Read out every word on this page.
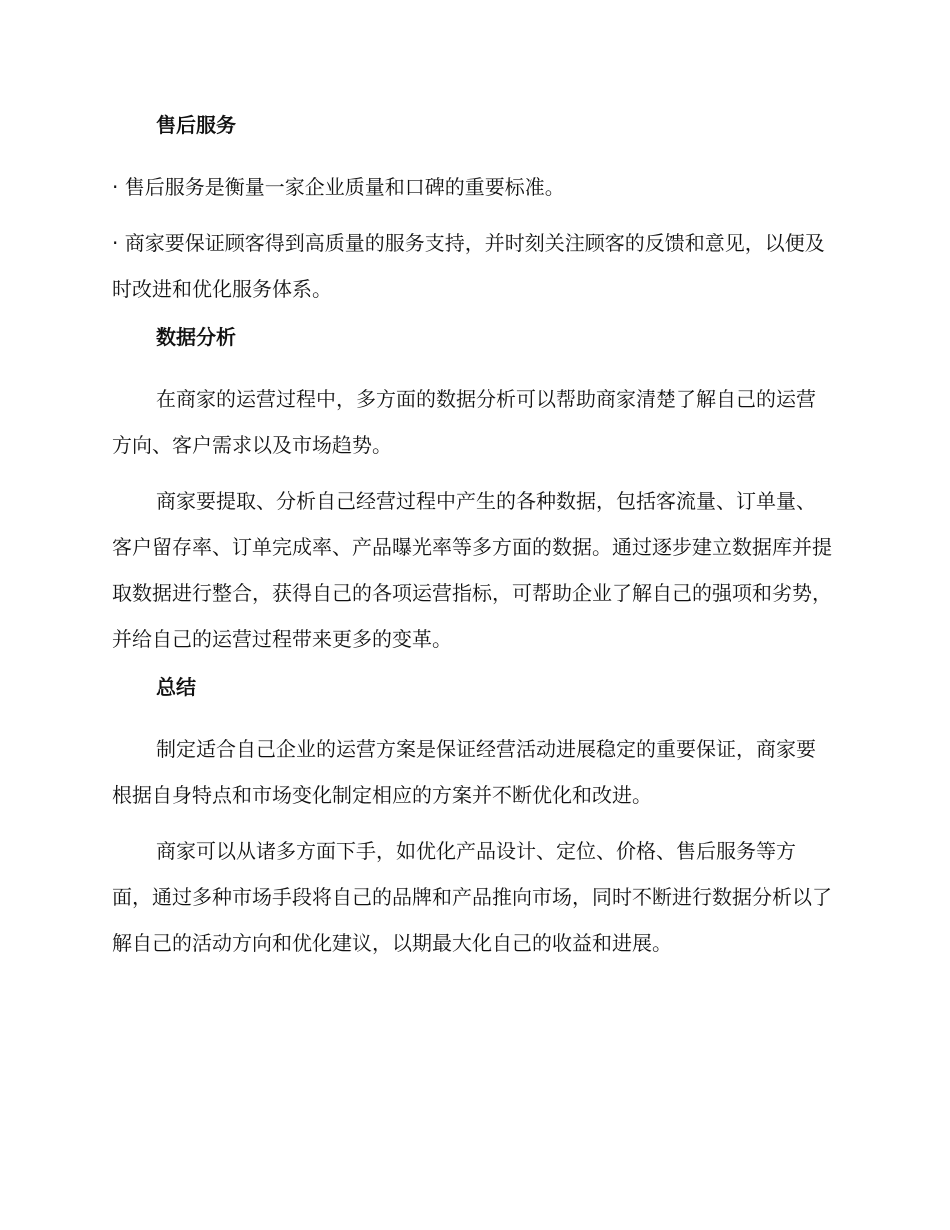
售后服务

· 售后服务是衡量一家企业质量和口碑的重要标准。

· 商家要保证顾客得到高质量的服务支持，并时刻关注顾客的反馈和意见，以便及时改进和优化服务体系。

数据分析

在商家的运营过程中，多方面的数据分析可以帮助商家清楚了解自己的运营方向、客户需求以及市场趋势。

商家要提取、分析自己经营过程中产生的各种数据，包括客流量、订单量、客户留存率、订单完成率、产品曝光率等多方面的数据。通过逐步建立数据库并提取数据进行整合，获得自己的各项运营指标，可帮助企业了解自己的强项和劣势，并给自己的运营过程带来更多的变革。

总结

制定适合自己企业的运营方案是保证经营活动进展稳定的重要保证，商家要根据自身特点和市场变化制定相应的方案并不断优化和改进。

商家可以从诸多方面下手，如优化产品设计、定位、价格、售后服务等方面，通过多种市场手段将自己的品牌和产品推向市场，同时不断进行数据分析以了解自己的活动方向和优化建议，以期最大化自己的收益和进展。
